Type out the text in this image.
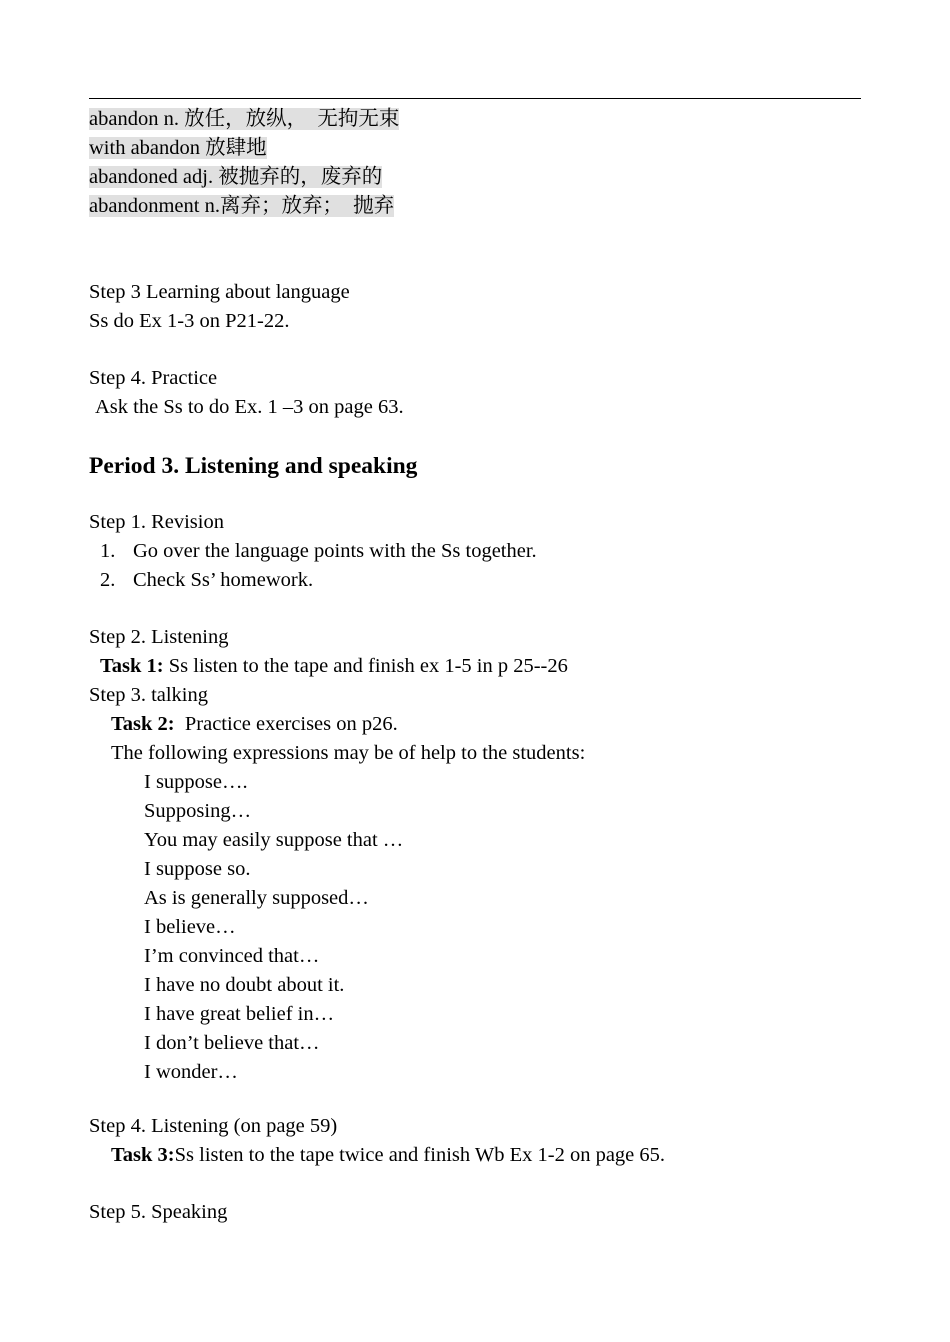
abandon n. 放任，放纵，  无拘无束
with abandon 放肆地
abandoned adj. 被抛弃的，废弃的
abandonment n.离弃；放弃；  抛弃
Step 3 Learning about language
Ss do Ex 1-3 on P21-22.
Step 4. Practice
Ask the Ss to do Ex. 1 –3 on page 63.
Period 3. Listening and speaking
Step 1. Revision
1. Go over the language points with the Ss together.
2. Check Ss’ homework.
Step 2. Listening
Task 1: Ss listen to the tape and finish ex 1-5 in p 25--26
Step 3. talking
Task 2:  Practice exercises on p26.
The following expressions may be of help to the students:
I suppose….
Supposing…
You may easily suppose that …
I suppose so.
As is generally supposed…
I believe…
I’m convinced that…
I have no doubt about it.
I have great belief in…
I don’t believe that…
I wonder…
Step 4. Listening (on page 59)
Task 3:Ss listen to the tape twice and finish Wb Ex 1-2 on page 65.
Step 5. Speaking
